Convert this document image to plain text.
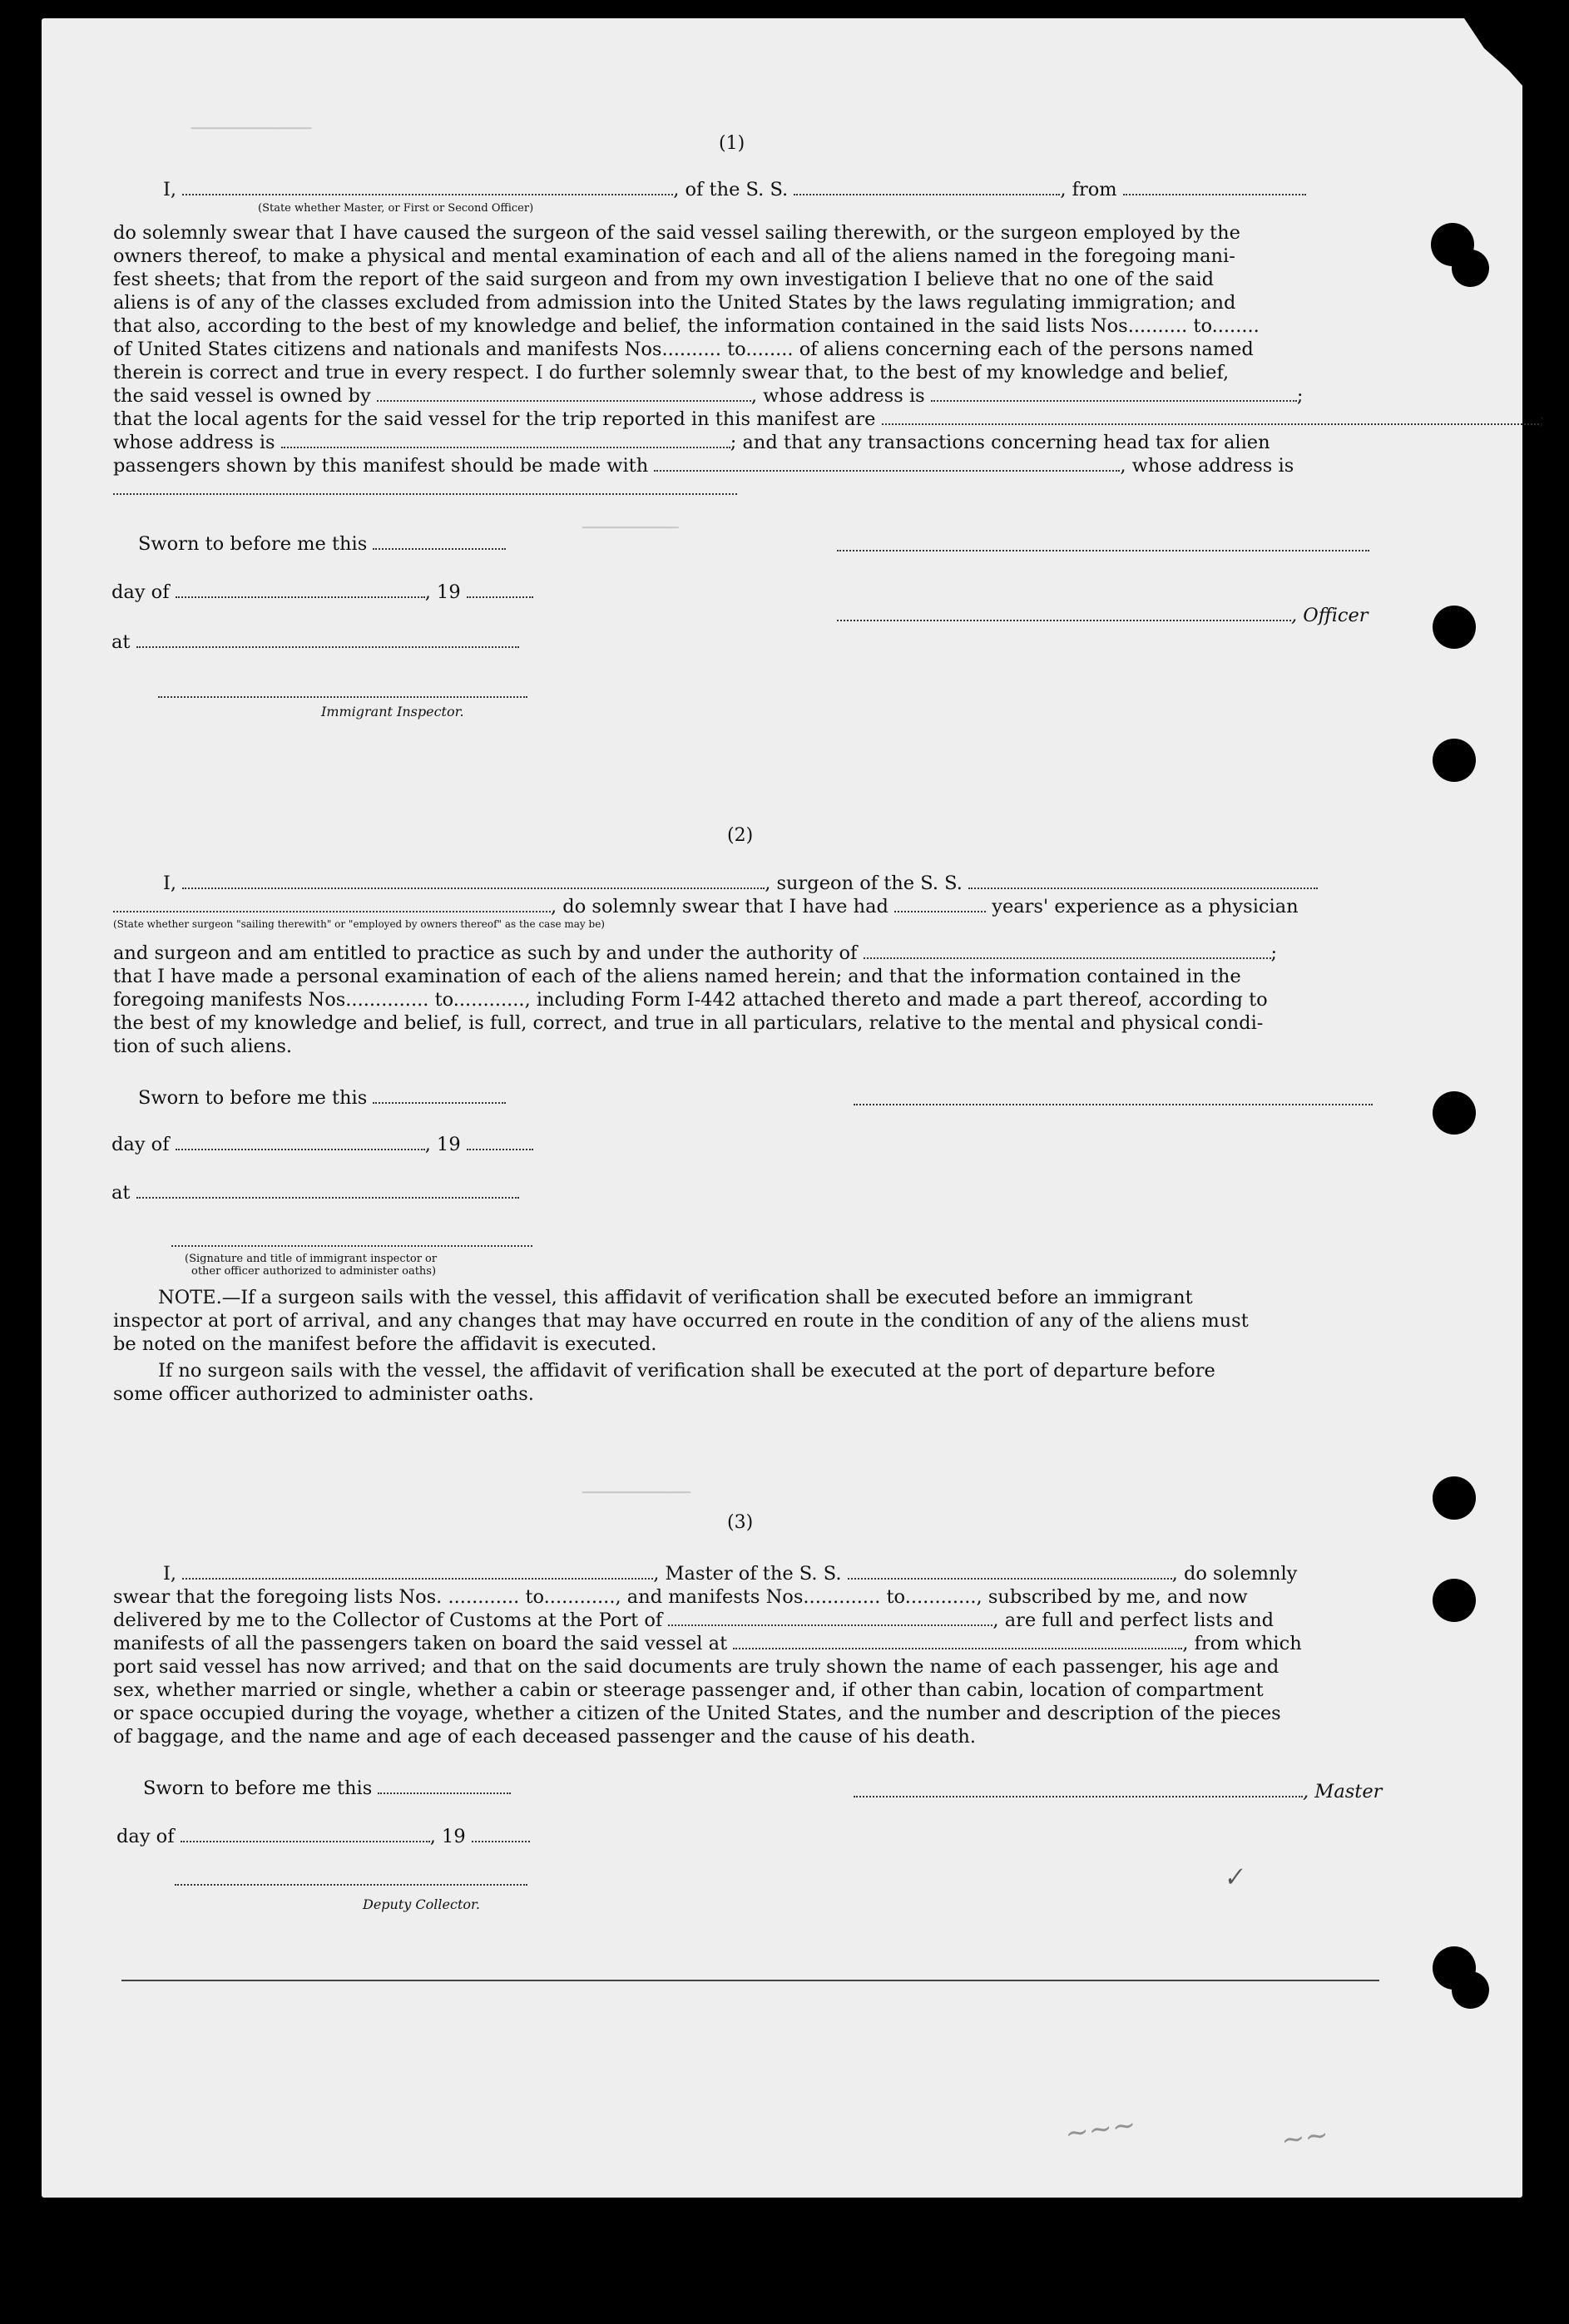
──────────
────────
─────────
(1)
I,	, of the S. S.	, from
(State whether Master, or First or Second Officer)
do solemnly swear that I have caused the surgeon of the said vessel sailing therewith, or the surgeon employed by the
owners thereof, to make a physical and mental examination of each and all of the aliens named in the foregoing mani-
fest sheets; that from the report of the said surgeon and from my own investigation I believe that no one of the said
aliens is of any of the classes excluded from admission into the United States by the laws regulating immigration; and
that also, according to the best of my knowledge and belief, the information contained in the said lists Nos.......... to........
of United States citizens and nationals and manifests Nos.......... to........ of aliens concerning each of the persons named
therein is correct and true in every respect. I do further solemnly swear that, to the best of my knowledge and belief,
the said vessel is owned by	, whose address is	;
that the local agents for the said vessel for the trip reported in this manifest are	;
whose address is	; and that any transactions concerning head tax for alien
passengers shown by this manifest should be made with	, whose address is
Sworn to before me this
day of	, 19
, Officer
at
Immigrant Inspector.
(2)
I,	, surgeon of the S. S.
, do solemnly swear that I have had	years' experience as a physician
(State whether surgeon "sailing therewith" or "employed by owners thereof" as the case may be)
and surgeon and am entitled to practice as such by and under the authority of	;
that I have made a personal examination of each of the aliens named herein; and that the information contained in the
foregoing manifests Nos.............. to............, including Form I-442 attached thereto and made a part thereof, according to
the best of my knowledge and belief, is full, correct, and true in all particulars, relative to the mental and physical condi-
tion of such aliens.
Sworn to before me this
day of	, 19
at
(Signature and title of immigrant inspector or
other officer authorized to administer oaths)
NOTE.—If a surgeon sails with the vessel, this affidavit of verification shall be executed before an immigrant
inspector at port of arrival, and any changes that may have occurred en route in the condition of any of the aliens must
be noted on the manifest before the affidavit is executed.
If no surgeon sails with the vessel, the affidavit of verification shall be executed at the port of departure before
some officer authorized to administer oaths.
(3)
I,	, Master of the S. S.	, do solemnly
swear that the foregoing lists Nos. ............ to............, and manifests Nos............. to............, subscribed by me, and now
delivered by me to the Collector of Customs at the Port of	, are full and perfect lists and
manifests of all the passengers taken on board the said vessel at	, from which
port said vessel has now arrived; and that on the said documents are truly shown the name of each passenger, his age and
sex, whether married or single, whether a cabin or steerage passenger and, if other than cabin, location of compartment
or space occupied during the voyage, whether a citizen of the United States, and the number and description of the pieces
of baggage, and the name and age of each deceased passenger and the cause of his death.
Sworn to before me this	, Master
day of	, 19
Deputy Collector.
✓
~~~	~~
